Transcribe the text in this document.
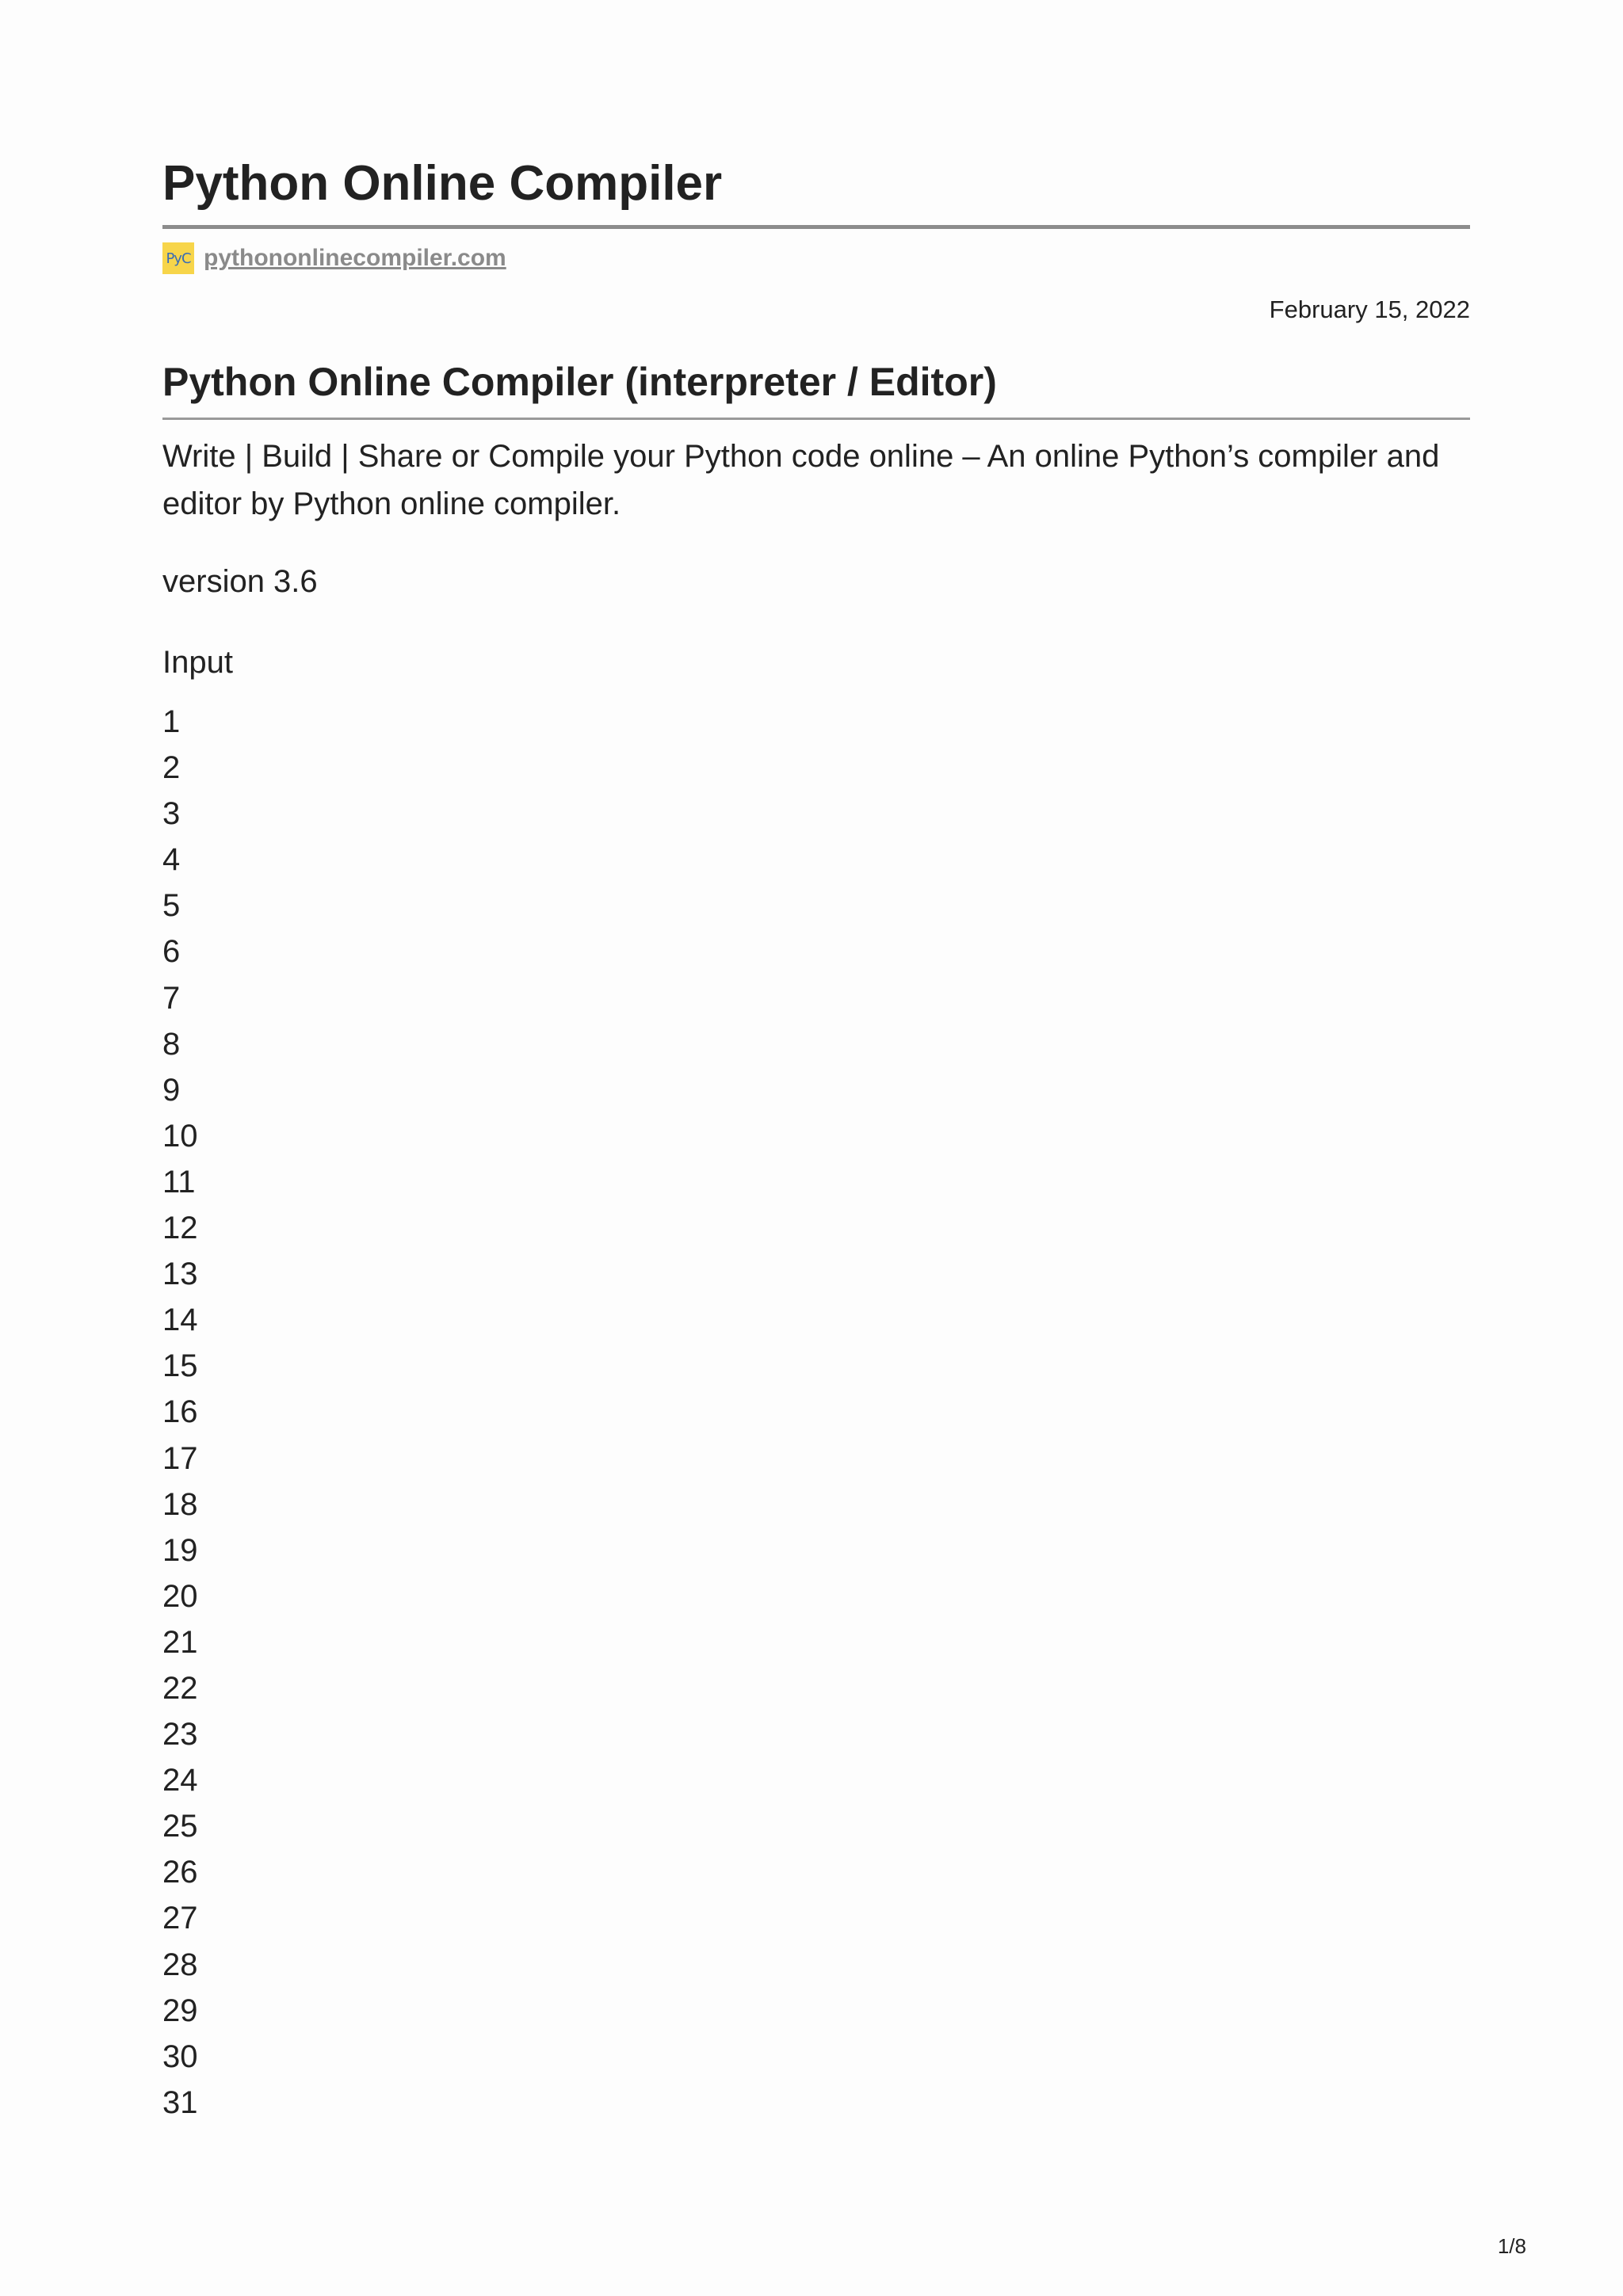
Python Online Compiler
PyC pythononlinecompiler.com
February 15, 2022
Python Online Compiler (interpreter / Editor)

Write | Build | Share or Compile your Python code online – An online Python’s compiler and editor by Python online compiler.

version 3.6
Input
1
2
3
4
5
6
7
8
9
10
11
12
13
14
15
16
17
18
19
20
21
22
23
24
25
26
27
28
29
30
31
1/8
